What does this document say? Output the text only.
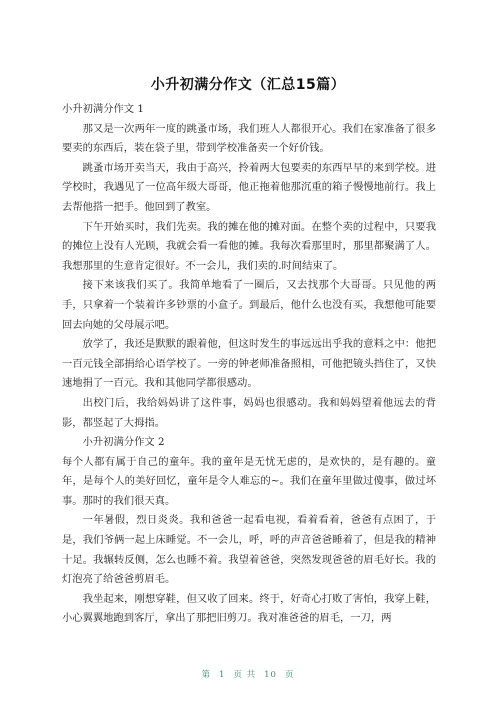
小升初满分作文（汇总15篇）

小升初满分作文 1

那又是一次两年一度的跳蚤市场，我们班人人都很开心。我们在家准备了很多要卖的东西后，装在袋子里，带到学校准备卖一个好价钱。

跳蚤市场开卖当天，我由于高兴，拎着两大包要卖的东西早早的来到学校。进学校时，我遇见了一位高年级大哥哥，他正拖着他那沉重的箱子慢慢地前行。我上去帮他搭一把手。他回到了教室。

下午开始买时，我们先卖。我的摊在他的摊对面。在整个卖的过程中，只要我的摊位上没有人光顾，我就会看一看他的摊。我每次看那里时，那里都聚满了人。我想那里的生意肯定很好。不一会儿，我们卖的.时间结束了。

接下来该我们买了。我简单地看了一圈后，又去找那个大哥哥。只见他的两手，只拿着一个装着许多钞票的小盒子。到最后，他什么也没有买，我想他可能要回去向她的父母展示吧。

放学了，我还是默默的跟着他，但这时发生的事远远出乎我的意料之中：他把一百元钱全部捐给心语学校了。一旁的钟老师准备照相，可他把镜头挡住了，又快速地捐了一百元。我和其他同学都很感动。

出校门后，我给妈妈讲了这件事，妈妈也很感动。我和妈妈望着他远去的背影，都竖起了大拇指。

小升初满分作文 2

每个人都有属于自己的童年。我的童年是无忧无虑的，是欢快的，是有趣的。童年，是每个人的美好回忆，童年是令人难忘的~。我们在童年里做过傻事，做过坏事。那时的我们很天真。

一年暑假，烈日炎炎。我和爸爸一起看电视，看着看着，爸爸有点困了，于是，我们爷俩一起上床睡觉。不一会儿，呼，呼的声音爸爸睡着了，但是我的精神十足。我辗转反侧，怎么也睡不着。我望着爸爸，突然发现爸爸的眉毛好长。我的灯泡亮了给爸爸剪眉毛。

我坐起来，刚想穿鞋，但又收了回来。终于，好奇心打败了害怕，我穿上鞋，小心翼翼地跑到客厅，拿出了那把旧剪刀。我对准爸爸的眉毛，一刀，两

第 1 页 共 10 页
